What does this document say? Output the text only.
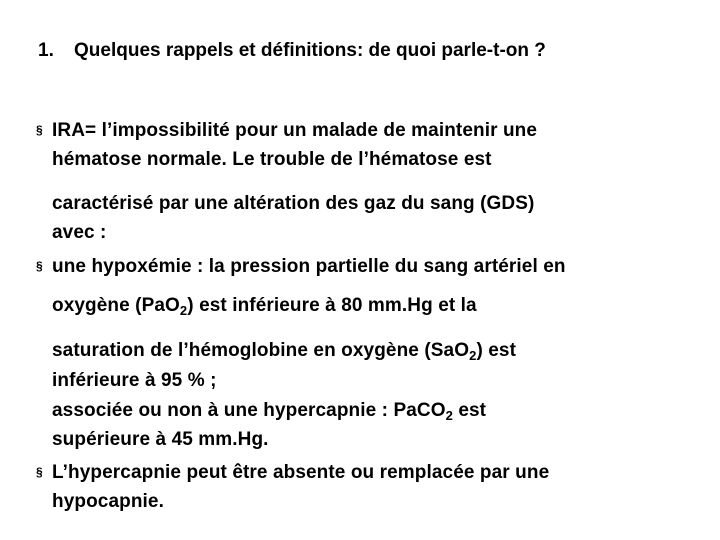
1. Quelques rappels et définitions: de quoi parle-t-on ?
§ IRA= l’impossibilité pour un malade de maintenir une
hématose normale. Le trouble de l’hématose est
caractérisé par une altération des gaz du sang (GDS)
avec :
§ une hypoxémie : la pression partielle du sang artériel en
oxygène (PaO$_2$) est inférieure à 80 mm.Hg et la
saturation de l’hémoglobine en oxygène (SaO$_2$) est
inférieure à 95 % ;
associée ou non à une hypercapnie : PaCO$_2$ est
supérieure à 45 mm.Hg.
§ L’hypercapnie peut être absente ou remplacée par une
hypocapnie.
